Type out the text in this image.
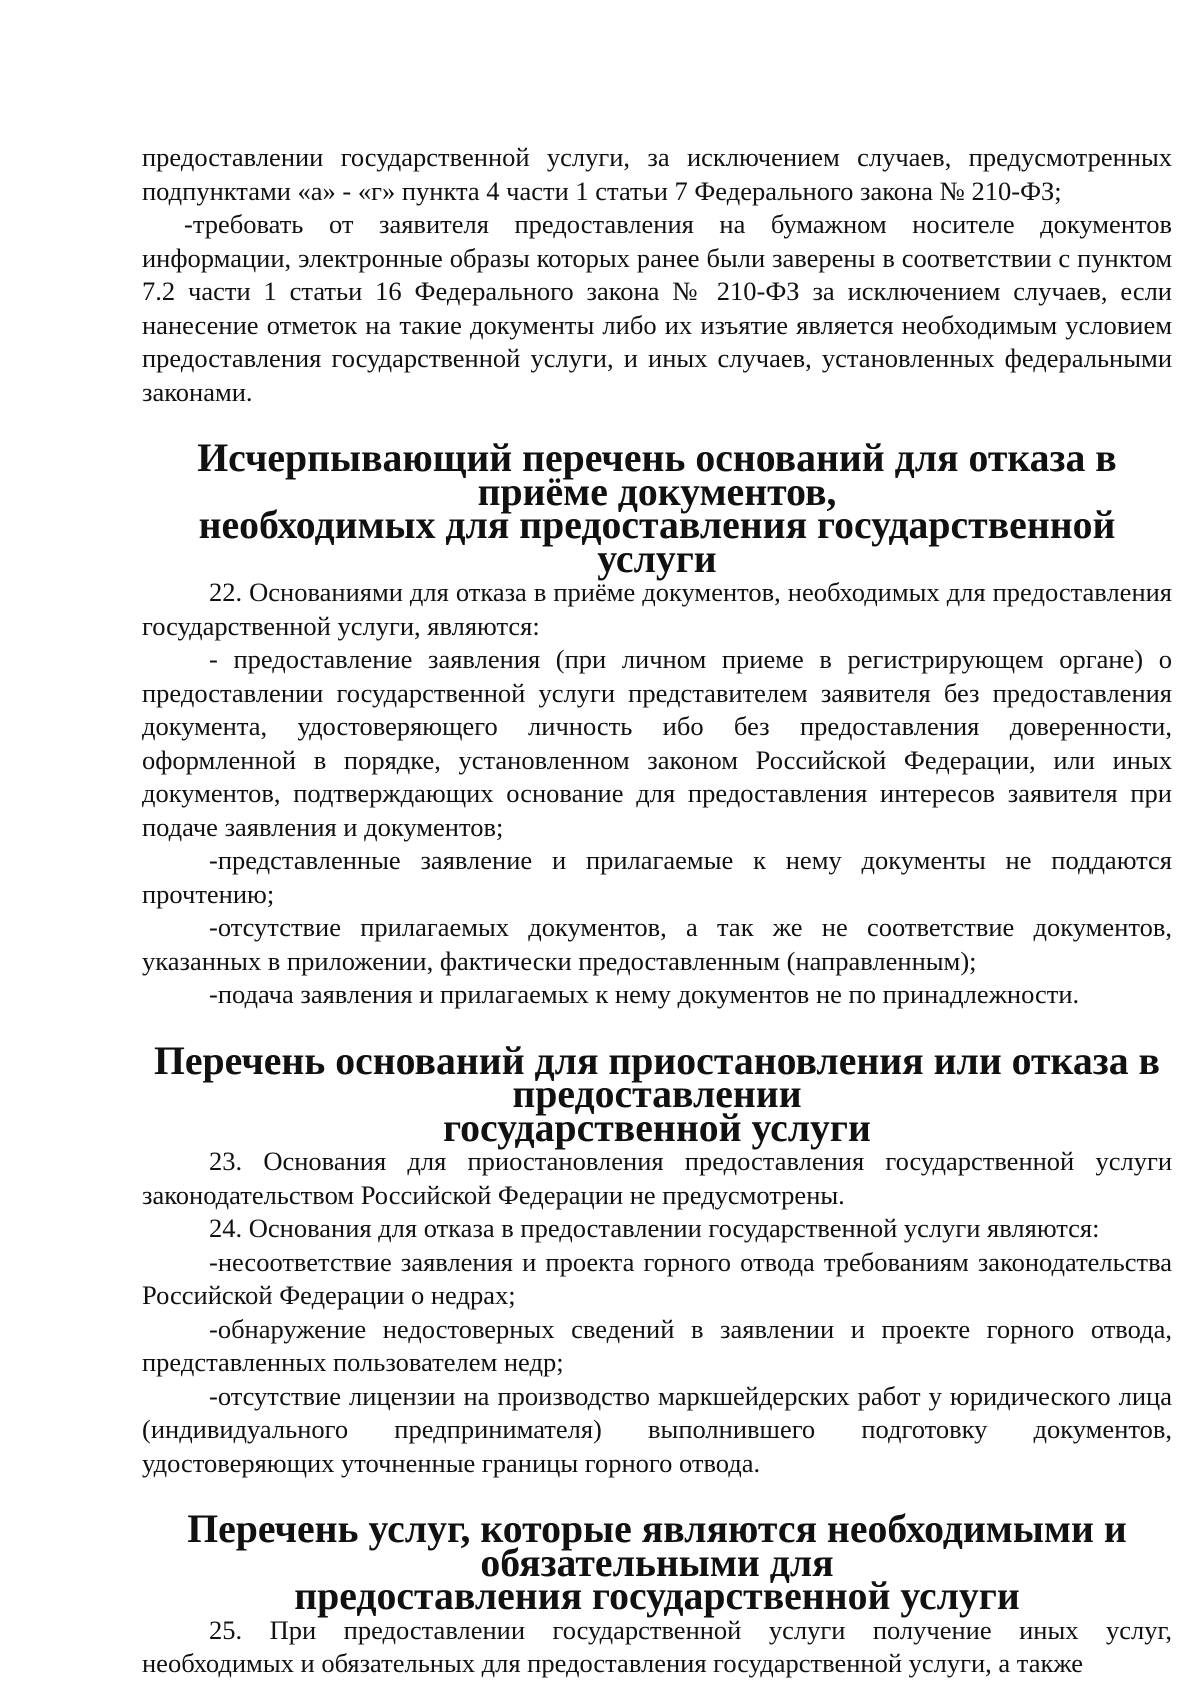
предоставлении государственной услуги, за исключением случаев, предусмотренных подпунктами «а» - «г» пункта 4 части 1 статьи 7 Федерального закона № 210-ФЗ;

-требовать от заявителя предоставления на бумажном носителе документов информации, электронные образы которых ранее были заверены в соответствии с пунктом 7.2 части 1 статьи 16 Федерального закона № 210-ФЗ за исключением случаев, если нанесение отметок на такие документы либо их изъятие является необходимым условием предоставления государственной услуги, и иных случаев, установленных федеральными законами.

Исчерпывающий перечень оснований для отказа в приёме документов,
необходимых для предоставления государственной услуги

22. Основаниями для отказа в приёме документов, необходимых для предоставления государственной услуги, являются:

- предоставление заявления (при личном приеме в регистрирующем органе) о предоставлении государственной услуги представителем заявителя без предоставления документа, удостоверяющего личность ибо без предоставления доверенности, оформленной в порядке, установленном законом Российской Федерации, или иных документов, подтверждающих основание для предоставления интересов заявителя при подаче заявления и документов;

-представленные заявление и прилагаемые к нему документы не поддаются прочтению;

-отсутствие прилагаемых документов, а так же не соответствие документов, указанных в приложении, фактически предоставленным (направленным);

-подача заявления и прилагаемых к нему документов не по принадлежности.

Перечень оснований для приостановления или отказа в предоставлении
государственной услуги

23. Основания для приостановления предоставления государственной услуги законодательством Российской Федерации не предусмотрены.

24. Основания для отказа в предоставлении государственной услуги являются:

-несоответствие заявления и проекта горного отвода требованиям законодательства Российской Федерации о недрах;

-обнаружение недостоверных сведений в заявлении и проекте горного отвода, представленных пользователем недр;

-отсутствие лицензии на производство маркшейдерских работ у юридического лица (индивидуального предпринимателя) выполнившего подготовку документов, удостоверяющих уточненные границы горного отвода.

Перечень услуг, которые являются необходимыми и обязательными для
предоставления государственной услуги

25. При предоставлении государственной услуги получение иных услуг, необходимых и обязательных для предоставления государственной услуги, а также
